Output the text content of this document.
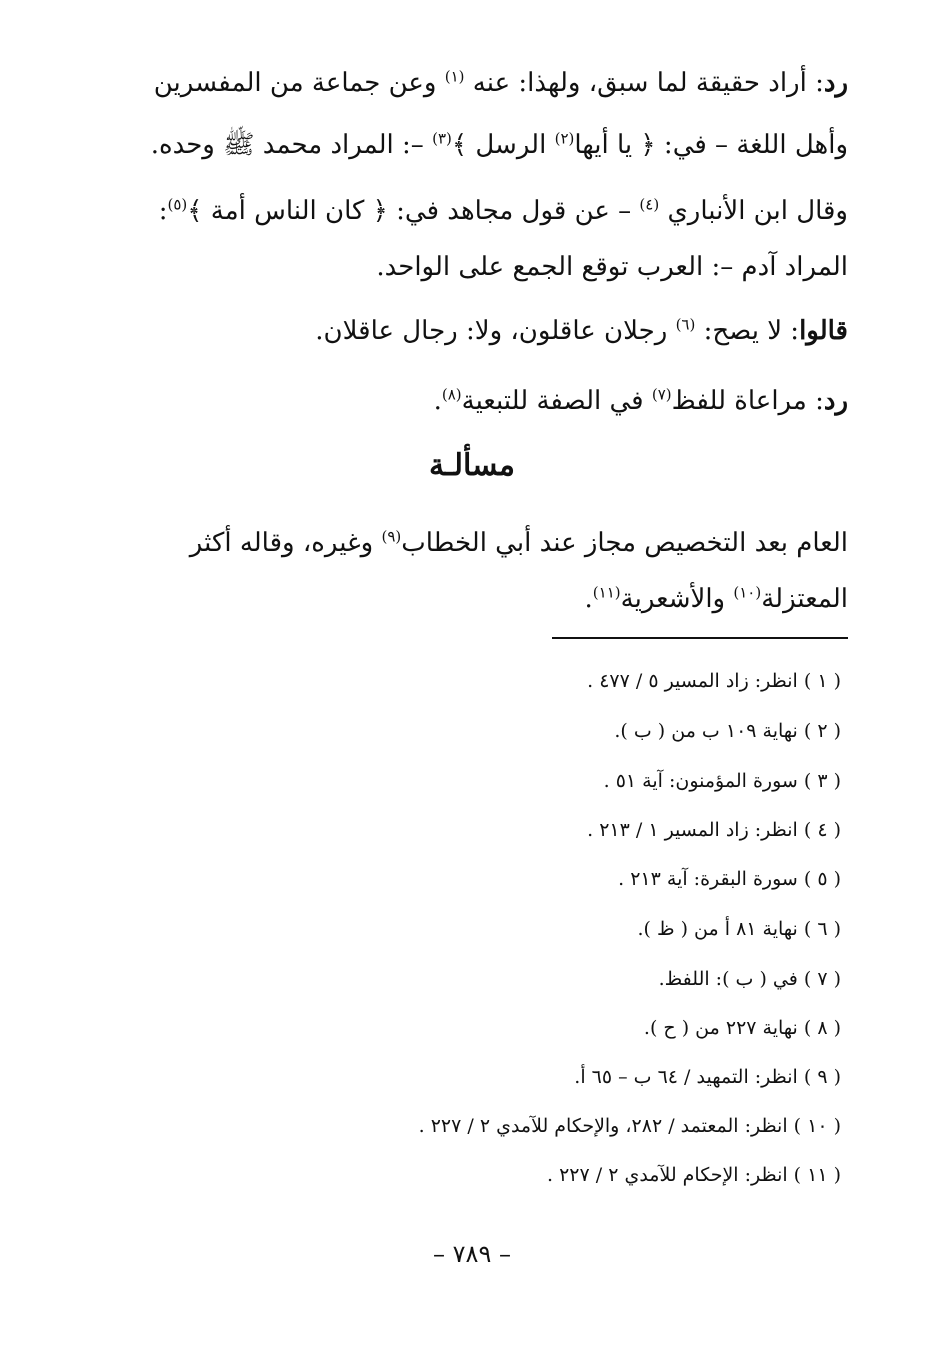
رد: أراد حقيقة لما سبق، ولهذا: عنه $^{(١)}$ وعن جماعة من المفسرين
وأهل اللغة – في: ﴿ يا أيها$^{(٢)}$ الرسل ﴾$^{(٣)}$ –: المراد محمد ﷺ وحده.
وقال ابن الأنباري $^{(٤)}$ – عن قول مجاهد في: ﴿ كان الناس أمة ﴾$^{(٥)}$:
المراد آدم –: العرب توقع الجمع على الواحد.
قالوا: لا يصح: $^{(٦)}$ رجلان عاقلون، ولا: رجال عاقلان.
رد: مراعاة للفظ$^{(٧)}$ في الصفة للتبعية$^{(٨)}$.
مسألـة
العام بعد التخصيص مجاز عند أبي الخطاب$^{(٩)}$ وغيره، وقاله أكثر
المعتزلة$^{(١٠)}$ والأشعرية$^{(١١)}$.
( ١ ) انظر: زاد المسير ٥ / ٤٧٧ .
( ٢ ) نهاية ١٠٩ ب من ( ب ).
( ٣ ) سورة المؤمنون: آية ٥١ .
( ٤ ) انظر: زاد المسير ١ / ٢١٣ .
( ٥ ) سورة البقرة: آية ٢١٣ .
( ٦ ) نهاية ٨١ أ من ( ظ ).
( ٧ ) في ( ب ): اللفظ.
( ٨ ) نهاية ٢٢٧ من ( ح ).
( ٩ ) انظر: التمهيد / ٦٤ ب – ٦٥ أ.
( ١٠ ) انظر: المعتمد / ٢٨٢، والإحكام للآمدي ٢ / ٢٢٧ .
( ١١ ) انظر: الإحكام للآمدي ٢ / ٢٢٧ .
– ٧٨٩ –
